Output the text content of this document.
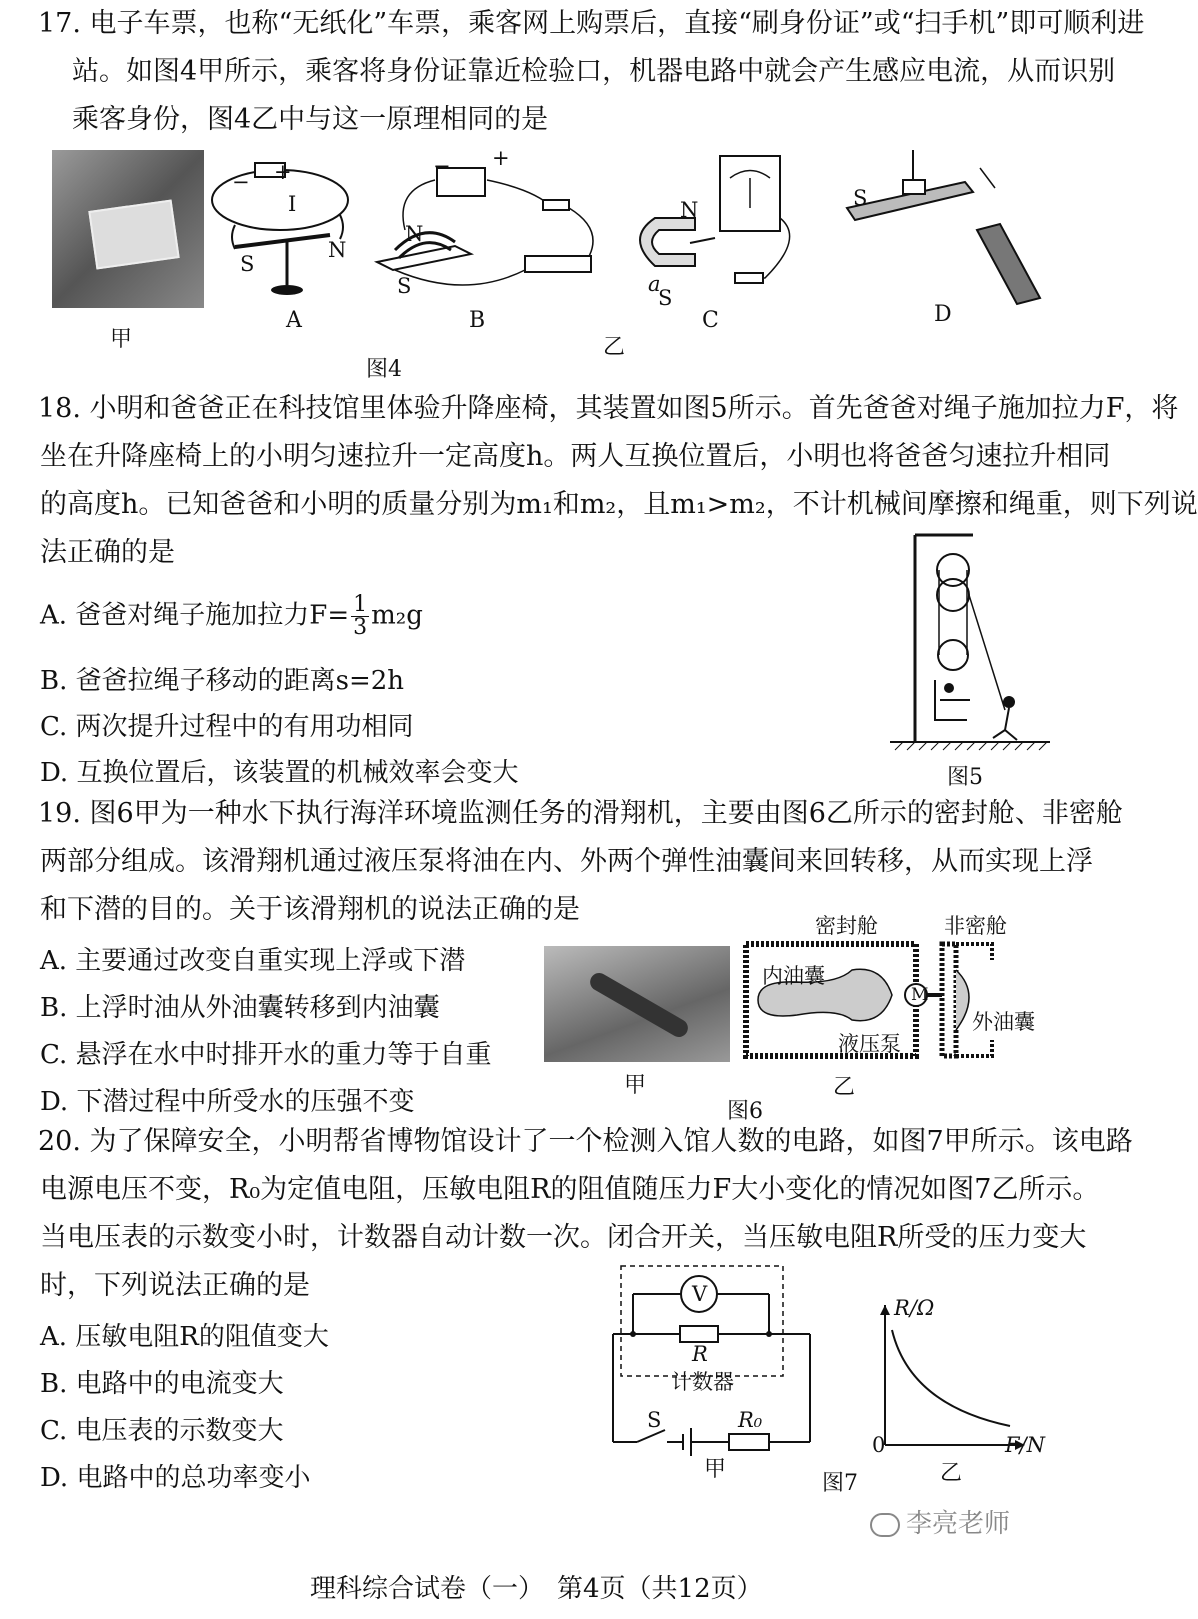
17. 电子车票，也称“无纸化”车票，乘客网上购票后，直接“刷身份证”或“扫手机”即可顺利进
站。如图4甲所示，乘客将身份证靠近检验口，机器电路中就会产生感应电流，从而识别
乘客身份，图4乙中与这一原理相同的是
甲
− +
I
N
S
A
− +
N
S
B
N
a
S
C
S
D
乙
图4
18. 小明和爸爸正在科技馆里体验升降座椅，其装置如图5所示。首先爸爸对绳子施加拉力F，将
坐在升降座椅上的小明匀速拉升一定高度h。两人互换位置后，小明也将爸爸匀速拉升相同
的高度h。已知爸爸和小明的质量分别为m₁和m₂，且m₁>m₂，不计机械间摩擦和绳重，则下列说
法正确的是
A. 爸爸对绳子施加拉力$F= \frac{1}{3} m_2g$
B. 爸爸拉绳子移动的距离s=2h
C. 两次提升过程中的有用功相同
D. 互换位置后，该装置的机械效率会变大	图5
19. 图6甲为一种水下执行海洋环境监测任务的滑翔机，主要由图6乙所示的密封舱、非密舱
两部分组成。该滑翔机通过液压泵将油在内、外两个弹性油囊间来回转移，从而实现上浮
和下潜的目的。关于该滑翔机的说法正确的是
A. 主要通过改变自重实现上浮或下潜
B. 上浮时油从外油囊转移到内油囊
C. 悬浮在水中时排开水的重力等于自重
D. 下潜过程中所受水的压强不变
甲
密封舱	非密舱
内油囊
M
外油囊
液压泵
乙
图6
20. 为了保障安全，小明帮省博物馆设计了一个检测入馆人数的电路，如图7甲所示。该电路
电源电压不变，R₀为定值电阻，压敏电阻R的阻值随压力F大小变化的情况如图7乙所示。
当电压表的示数变小时，计数器自动计数一次。闭合开关，当压敏电阻R所受的压力变大
时，下列说法正确的是
A. 压敏电阻R的阻值变大
B. 电路中的电流变大
C. 电压表的示数变大
D. 电路中的总功率变小
V
R
计数器
S	R₀
甲
R/Ω
0	F/N
乙
图7
李亮老师
理科综合试卷（一）　第4页（共12页）
